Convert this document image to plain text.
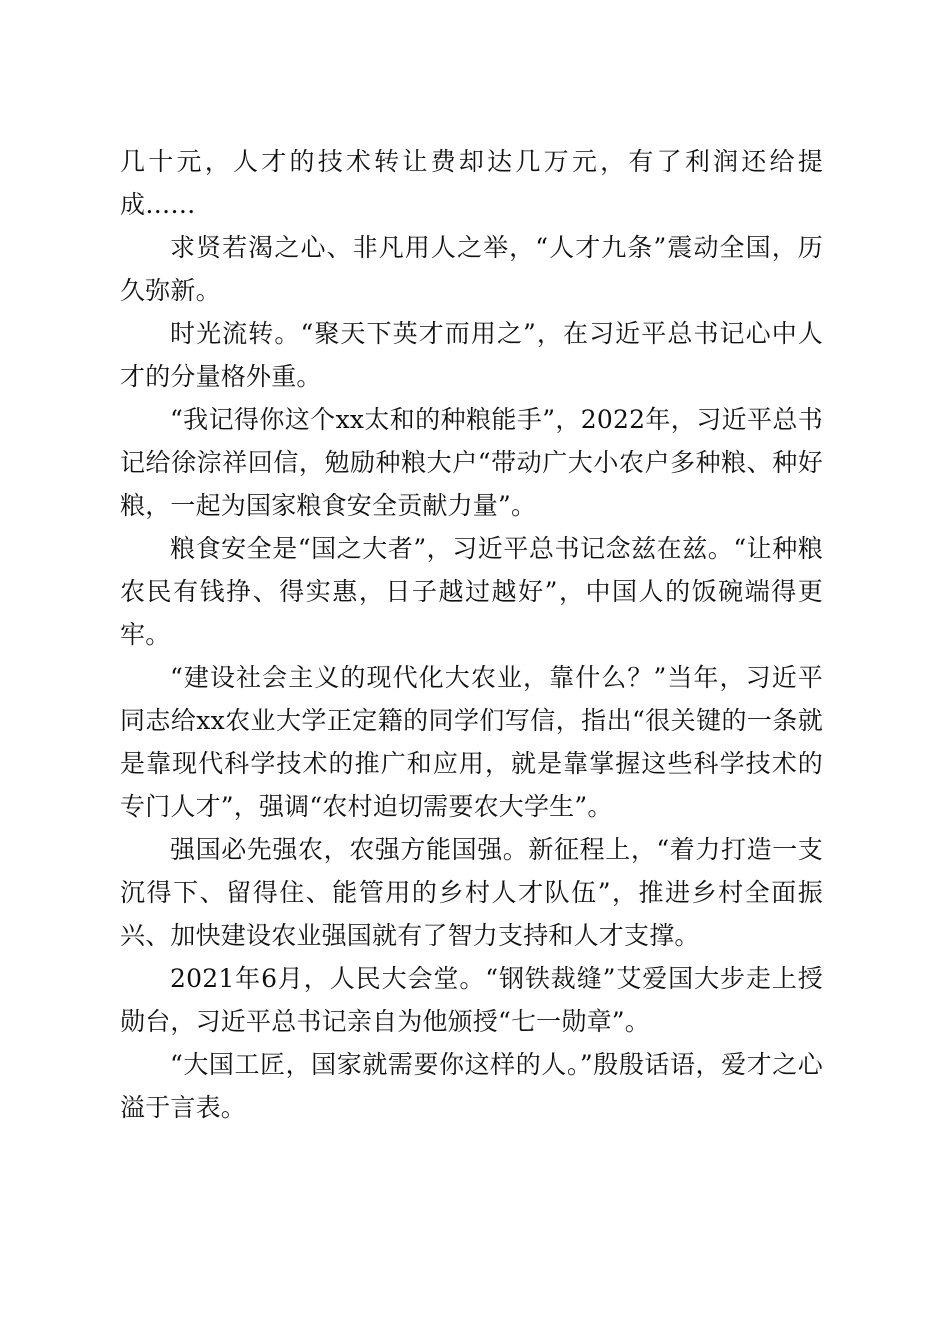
几十元，人才的技术转让费却达几万元，有了利润还给提成……

求贤若渴之心、非凡用人之举，“人才九条”震动全国，历久弥新。

时光流转。“聚天下英才而用之”，在习近平总书记心中人才的分量格外重。

“我记得你这个xx太和的种粮能手”，2022年，习近平总书记给徐淙祥回信，勉励种粮大户“带动广大小农户多种粮、种好粮，一起为国家粮食安全贡献力量”。

粮食安全是“国之大者”，习近平总书记念兹在兹。“让种粮农民有钱挣、得实惠，日子越过越好”，中国人的饭碗端得更牢。

“建设社会主义的现代化大农业，靠什么？”当年，习近平同志给xx农业大学正定籍的同学们写信，指出“很关键的一条就是靠现代科学技术的推广和应用，就是靠掌握这些科学技术的专门人才”，强调“农村迫切需要农大学生”。

强国必先强农，农强方能国强。新征程上，“着力打造一支沉得下、留得住、能管用的乡村人才队伍”，推进乡村全面振兴、加快建设农业强国就有了智力支持和人才支撑。

2021年6月，人民大会堂。“钢铁裁缝”艾爱国大步走上授勋台，习近平总书记亲自为他颁授“七一勋章”。

“大国工匠，国家就需要你这样的人。”殷殷话语，爱才之心溢于言表。
